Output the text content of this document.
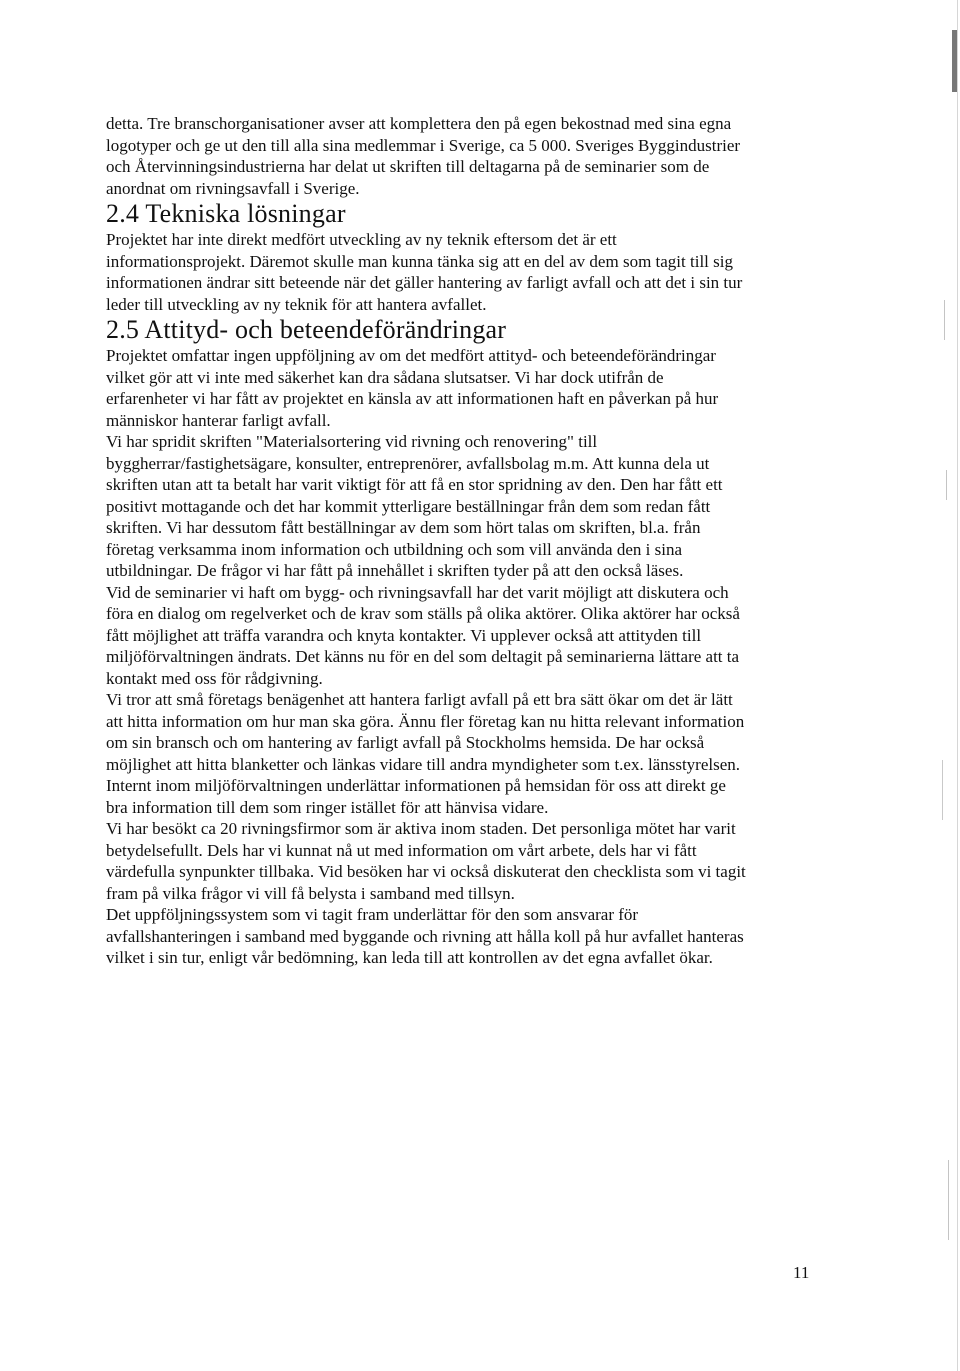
detta. Tre branschorganisationer avser att komplettera den på egen bekostnad med sina egna
logotyper och ge ut den till alla sina medlemmar i Sverige, ca 5 000. Sveriges Byggindustrier
och Återvinningsindustrierna har delat ut skriften till deltagarna på de seminarier som de
anordnat om rivningsavfall i Sverige.

2.4 Tekniska lösningar

Projektet har inte direkt medfört utveckling av ny teknik eftersom det är ett
informationsprojekt. Däremot skulle man kunna tänka sig att en del av dem som tagit till sig
informationen ändrar sitt beteende när det gäller hantering av farligt avfall och att det i sin tur
leder till utveckling av ny teknik för att hantera avfallet.

2.5 Attityd- och beteendeförändringar

Projektet omfattar ingen uppföljning av om det medfört attityd- och beteendeförändringar
vilket gör att vi inte med säkerhet kan dra sådana slutsatser. Vi har dock utifrån de
erfarenheter vi har fått av projektet en känsla av att informationen haft en påverkan på hur
människor hanterar farligt avfall.

Vi har spridit skriften "Materialsortering vid rivning och renovering" till
byggherrar/fastighetsägare, konsulter, entreprenörer, avfallsbolag m.m. Att kunna dela ut
skriften utan att ta betalt har varit viktigt för att få en stor spridning av den. Den har fått ett
positivt mottagande och det har kommit ytterligare beställningar från dem som redan fått
skriften. Vi har dessutom fått beställningar av dem som hört talas om skriften, bl.a. från
företag verksamma inom information och utbildning och som vill använda den i sina
utbildningar. De frågor vi har fått på innehållet i skriften tyder på att den också läses.

Vid de seminarier vi haft om bygg- och rivningsavfall har det varit möjligt att diskutera och
föra en dialog om regelverket och de krav som ställs på olika aktörer. Olika aktörer har också
fått möjlighet att träffa varandra och knyta kontakter. Vi upplever också att attityden till
miljöförvaltningen ändrats. Det känns nu för en del som deltagit på seminarierna lättare att ta
kontakt med oss för rådgivning.

Vi tror att små företags benägenhet att hantera farligt avfall på ett bra sätt ökar om det är lätt
att hitta information om hur man ska göra. Ännu fler företag kan nu hitta relevant information
om sin bransch och om hantering av farligt avfall på Stockholms hemsida. De har också
möjlighet att hitta blanketter och länkas vidare till andra myndigheter som t.ex. länsstyrelsen.
Internt inom miljöförvaltningen underlättar informationen på hemsidan för oss att direkt ge
bra information till dem som ringer istället för att hänvisa vidare.

Vi har besökt ca 20 rivningsfirmor som är aktiva inom staden. Det personliga mötet har varit
betydelsefullt. Dels har vi kunnat nå ut med information om vårt arbete, dels har vi fått
värdefulla synpunkter tillbaka. Vid besöken har vi också diskuterat den checklista som vi tagit
fram på vilka frågor vi vill få belysta i samband med tillsyn.

Det uppföljningssystem som vi tagit fram underlättar för den som ansvarar för
avfallshanteringen i samband med byggande och rivning att hålla koll på hur avfallet hanteras
vilket i sin tur, enligt vår bedömning, kan leda till att kontrollen av det egna avfallet ökar.

11
